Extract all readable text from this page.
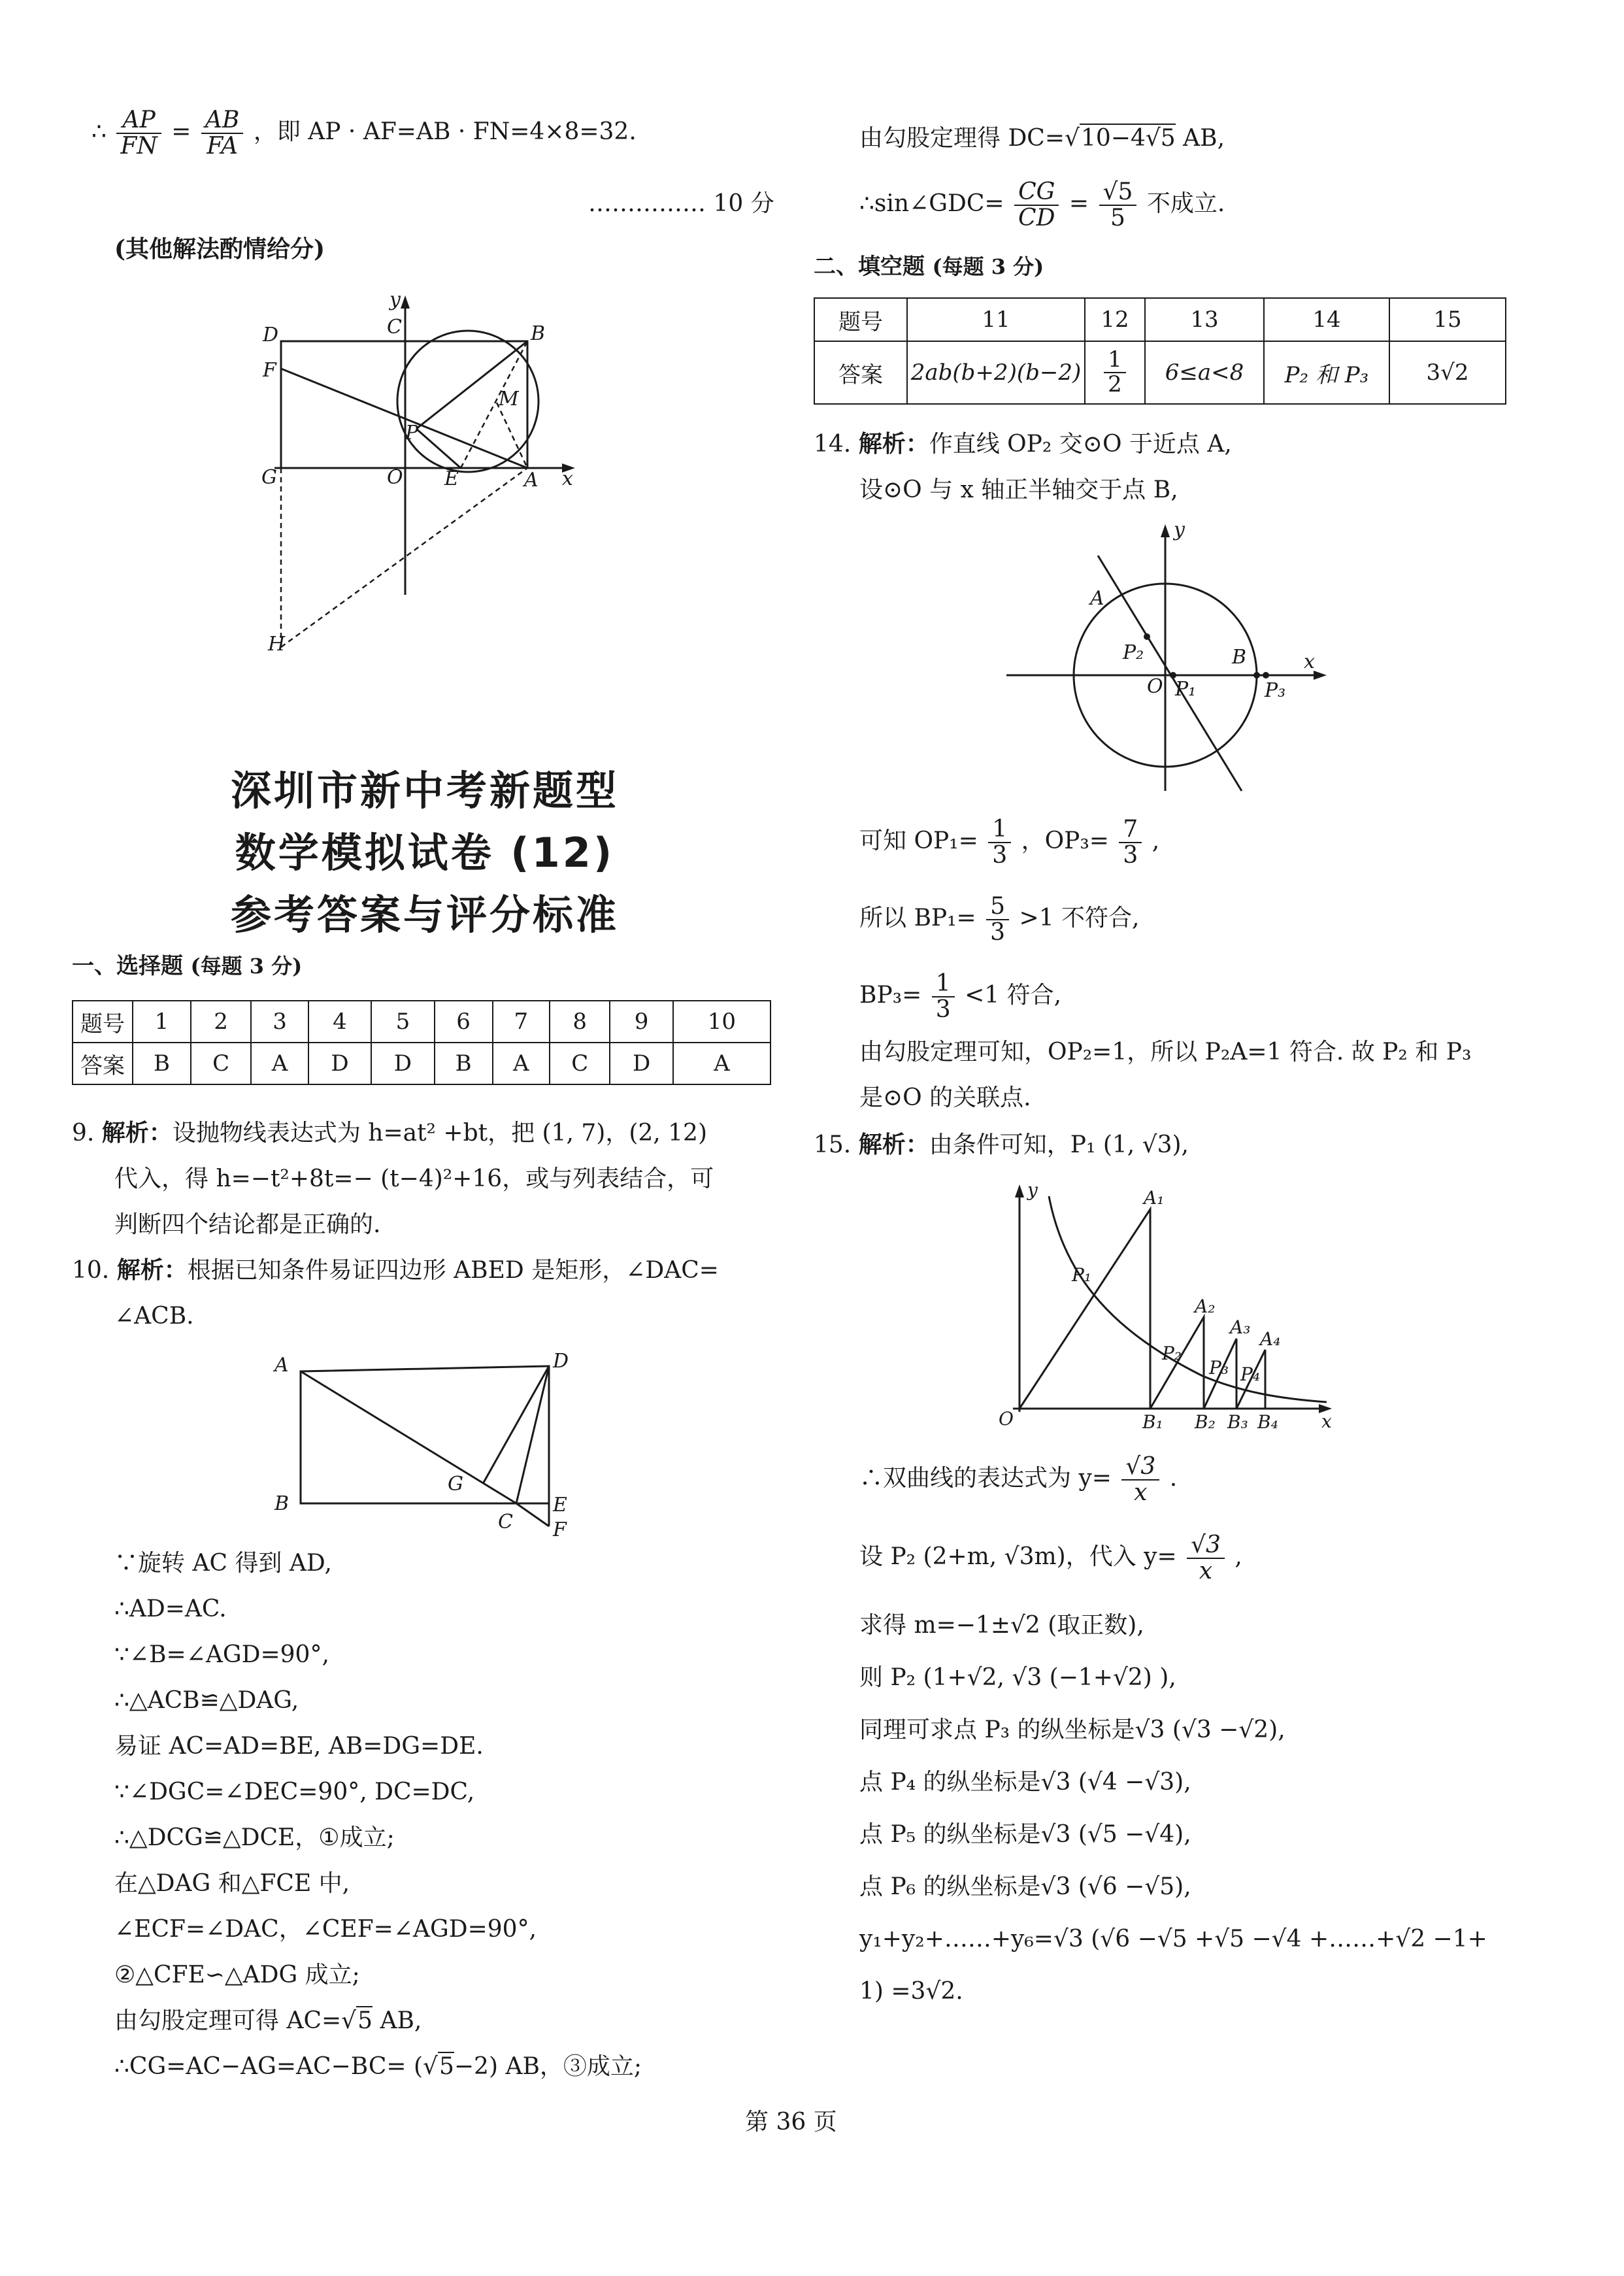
∴ $\frac{AP}{FN} = \frac{AB}{FA}$ ，即 AP · AF=AB · FN=4×8=32.
…………… 10 分
(其他解法酌情给分)
D	C
y
B
F
M
P
G	O E	A x
H
深圳市新中考新题型
数学模拟试卷 (12)
参考答案与评分标准
一、选择题 (每题 3 分)
题号	1	2	3	4	5	6	7	8	9	10
答案	B	C	A	D	D	B	A	C	D	A
9. 解析：设抛物线表达式为 h=at² +bt，把 (1, 7)，(2, 12)
代入，得 h=−t²+8t=− (t−4)²+16，或与列表结合，可
判断四个结论都是正确的.
10. 解析：根据已知条件易证四边形 ABED 是矩形，∠DAC=
∠ACB.
A	D
B
G
E
C F
∵旋转 AC 得到 AD,
∴AD=AC.
∵∠B=∠AGD=90°,
∴△ACB≌△DAG,
易证 AC=AD=BE, AB=DG=DE.
∵∠DGC=∠DEC=90°, DC=DC,
∴△DCG≌△DCE，①成立;
在△DAG 和△FCE 中,
∠ECF=∠DAC，∠CEF=∠AGD=90°,
②△CFE∽△ADG 成立;
由勾股定理可得 AC=√5 AB,
∴CG=AC−AG=AC−BC= (√5−2) AB，③成立;
由勾股定理得 DC=√10−4√5 AB,
∴sin∠GDC= $\frac{CG}{CD} = \frac{√5}{5}$ 不成立.
二、填空题 (每题 3 分)
题号	11	12	13	14	15
答案	2ab(b+2)(b−2)	$\frac{1}{2}$	6≤a<8	P₂ 和 P₃	3√2
14. 解析：作直线 OP₂ 交⊙O 于近点 A,
设⊙O 与 x 轴正半轴交于点 B,
y
A
P₂	B	x
O P₁	P₃
可知 $OP_1= \frac{1}{3}$ ，$OP_3= \frac{7}{3}$ ,
所以 $BP_1= \frac{5}{3} >1$ 不符合,
$BP_3= \frac{1}{3} <1$ 符合,
由勾股定理可知，OP₂=1，所以 P₂A=1 符合. 故 P₂ 和 P₃
是⊙O 的关联点.
15. 解析：由条件可知，P₁ (1, √3),
y	A₁
P₁
A₂
A₃
A₄
P₂
P₃ P₄
O	B₁ B₂ B₃ B₄ x
∴双曲线的表达式为 $y= \frac{√3}{x}$ .
设 P₂ (2+m, √3m)，代入 $y= \frac{√3}{x}$ ,
求得 m=−1±√2 (取正数),
则 P₂ (1+√2, √3 (−1+√2) ),
同理可求点 P₃ 的纵坐标是√3 (√3 −√2),
点 P₄ 的纵坐标是√3 (√4 −√3),
点 P₅ 的纵坐标是√3 (√5 −√4),
点 P₆ 的纵坐标是√3 (√6 −√5),
y₁+y₂+……+y₆=√3 (√6 −√5 +√5 −√4 +……+√2 −1+
1) =3√2.
第 36 页
